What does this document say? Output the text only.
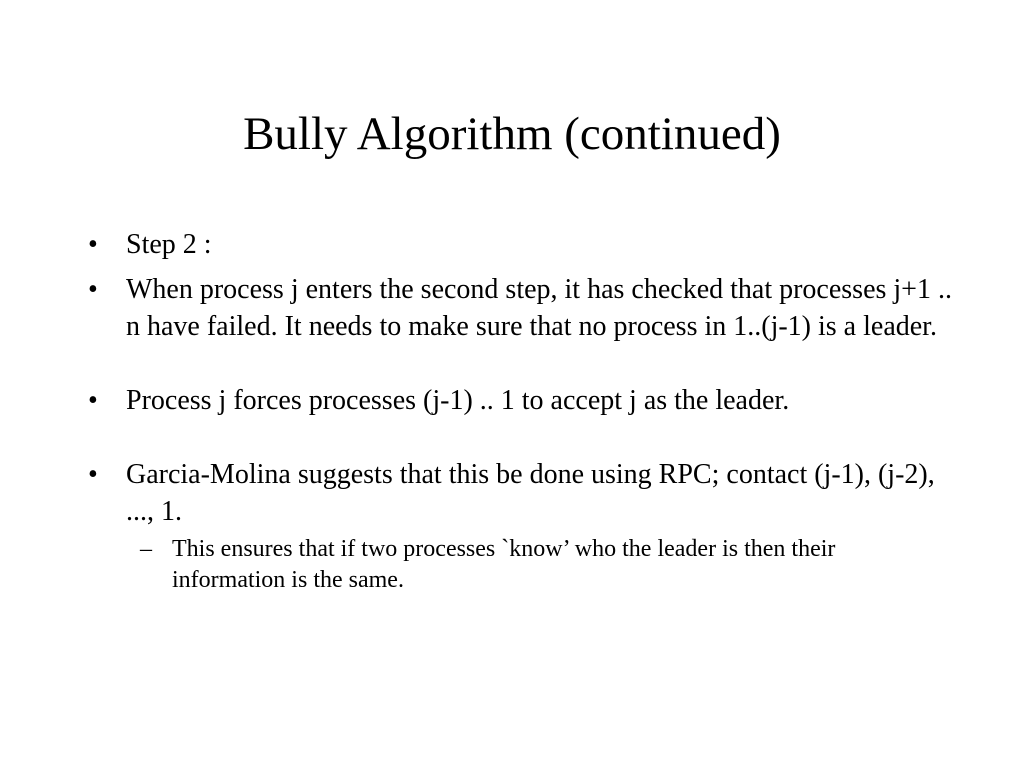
Bully Algorithm (continued)
• Step 2 :
• When process j enters the second step, it has checked that processes j+1 .. n have failed. It needs to make sure that no process in 1..(j-1) is a leader.
• Process j forces processes (j-1) .. 1 to accept j as the leader.
• Garcia-Molina suggests that this be done using RPC; contact (j-1), (j-2), ..., 1.
– This ensures that if two processes `know’ who the leader is then their information is the same.
